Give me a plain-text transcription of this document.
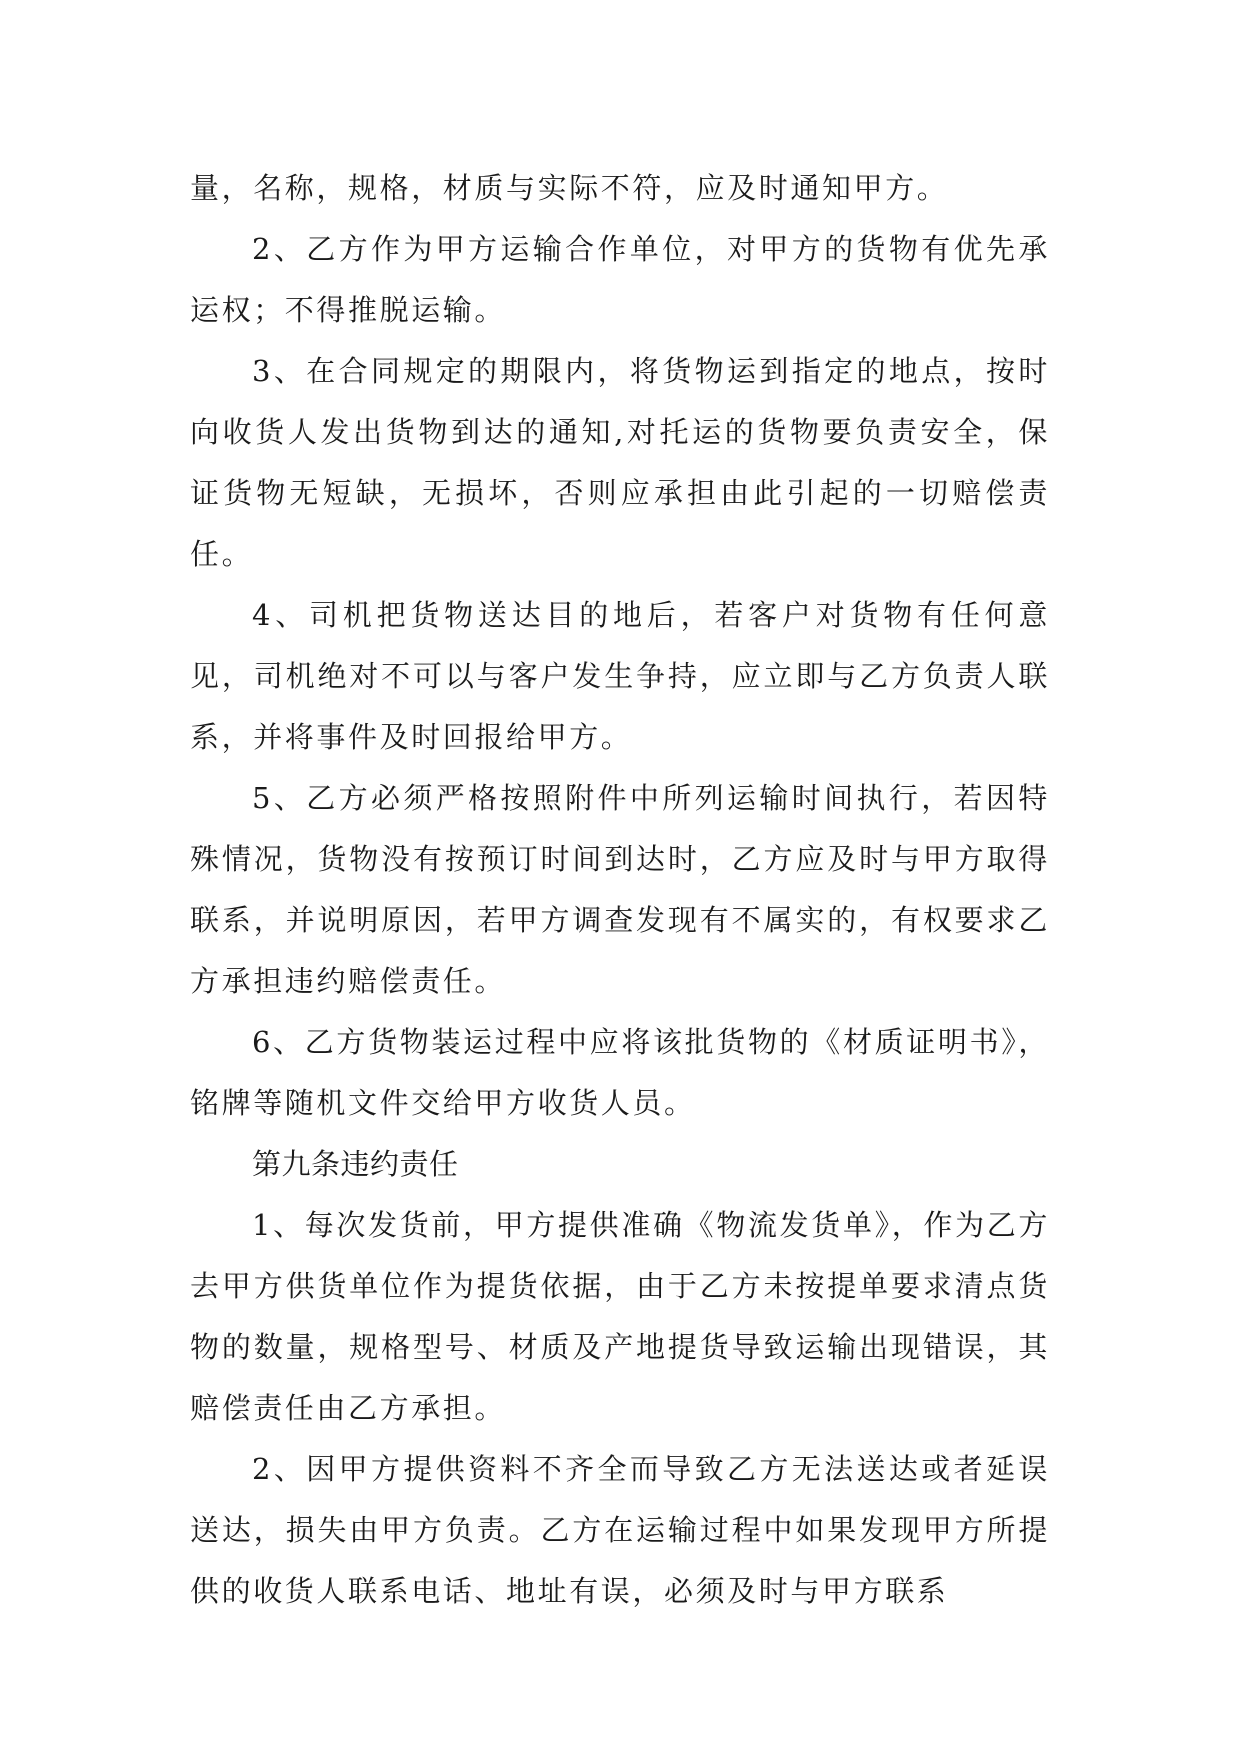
量，名称，规格，材质与实际不符，应及时通知甲方。

2、乙方作为甲方运输合作单位，对甲方的货物有优先承运权；不得推脱运输。

3、在合同规定的期限内，将货物运到指定的地点，按时向收货人发出货物到达的通知,对托运的货物要负责安全，保证货物无短缺，无损坏，否则应承担由此引起的一切赔偿责任。

4、司机把货物送达目的地后，若客户对货物有任何意见，司机绝对不可以与客户发生争持，应立即与乙方负责人联系，并将事件及时回报给甲方。

5、乙方必须严格按照附件中所列运输时间执行，若因特殊情况，货物没有按预订时间到达时，乙方应及时与甲方取得联系，并说明原因，若甲方调查发现有不属实的，有权要求乙方承担违约赔偿责任。

6、乙方货物装运过程中应将该批货物的《材质证明书》，铭牌等随机文件交给甲方收货人员。

第九条违约责任

1、每次发货前，甲方提供准确《物流发货单》，作为乙方去甲方供货单位作为提货依据，由于乙方未按提单要求清点货物的数量，规格型号、材质及产地提货导致运输出现错误，其赔偿责任由乙方承担。

2、因甲方提供资料不齐全而导致乙方无法送达或者延误送达，损失由甲方负责。乙方在运输过程中如果发现甲方所提供的收货人联系电话、地址有误，必须及时与甲方联系
